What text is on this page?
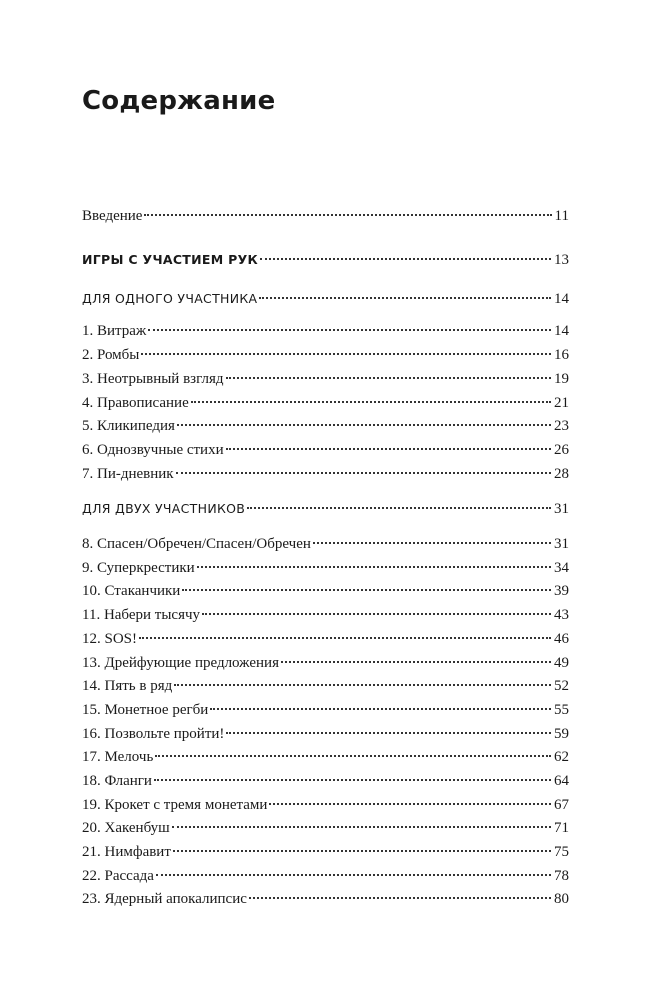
Содержание
Введение	11
ИГРЫ С УЧАСТИЕМ РУК	13
ДЛЯ ОДНОГО УЧАСТНИКА	14
1. Витраж	14
2. Ромбы	16
3. Неотрывный взгляд	19
4. Правописание	21
5. Кликипедия	23
6. Однозвучные стихи	26
7. Пи-дневник	28
ДЛЯ ДВУХ УЧАСТНИКОВ	31
8. Спасен/Обречен/Спасен/Обречен	31
9. Суперкрестики	34
10. Стаканчики	39
11. Набери тысячу	43
12. SOS!	46
13. Дрейфующие предложения	49
14. Пять в ряд	52
15. Монетное регби	55
16. Позвольте пройти!	59
17. Мелочь	62
18. Фланги	64
19. Крокет с тремя монетами	67
20. Хакенбуш	71
21. Нимфавит	75
22. Рассада	78
23. Ядерный апокалипсис	80
